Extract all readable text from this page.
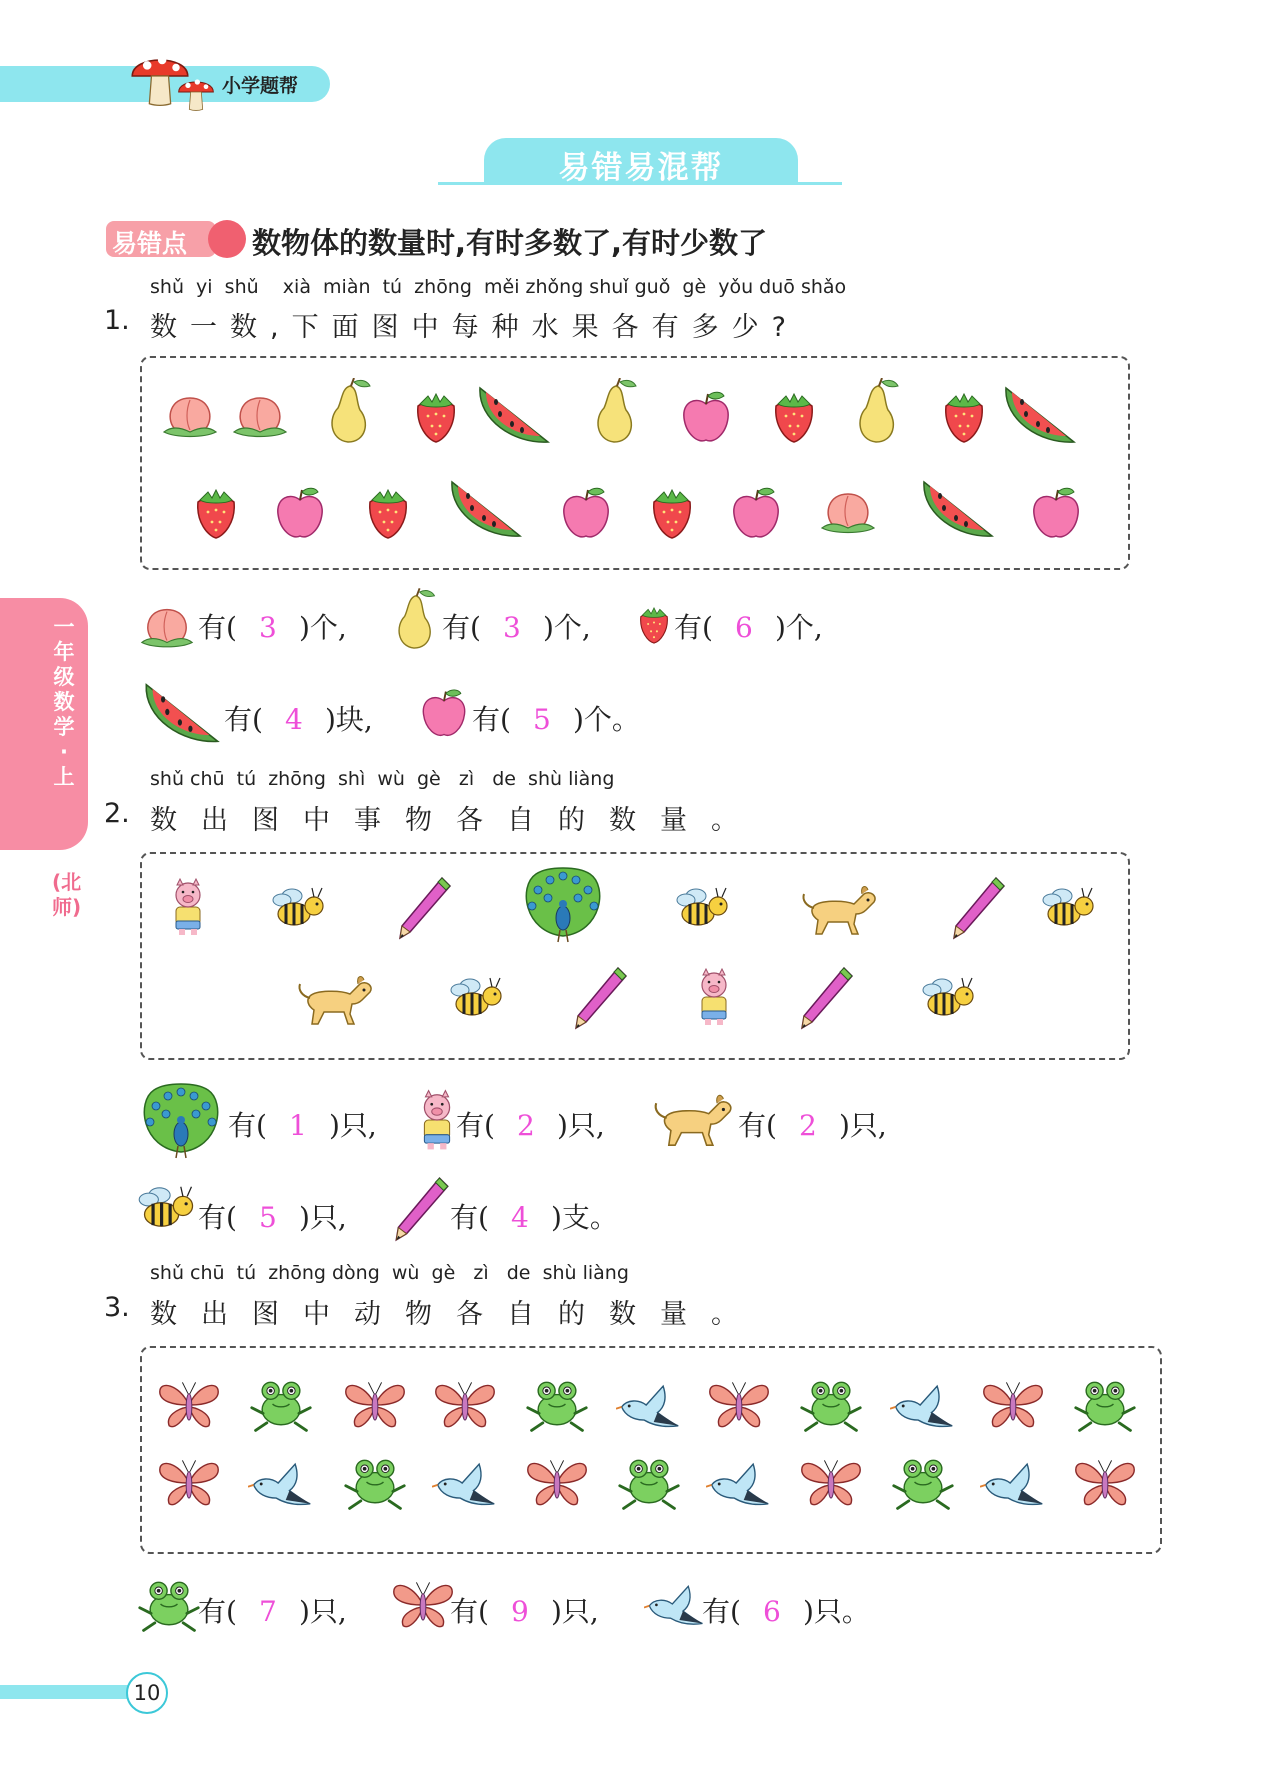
小学题帮
易错易混帮
易错点 数物体的数量时,有时多数了,有时少数了
一年级数学·上
(北师)
shǔ  yi  shǔ    xià  miàn  tú  zhōng  měi zhǒng shuǐ guǒ  gè  yǒu duō shǎo
1. 数一数,下面图中每种水果各有多少?
有( 3 )个,	有( 3 )个,	有( 6 )个,
有( 4 )块,	有( 5 )个。
shǔ chū  tú  zhōng  shì  wù  gè   zì   de  shù liàng
2. 数出图中事物各自的数量。
有( 1 )只,	有( 2 )只,	有( 2 )只,
有( 5 )只,	有( 4 )支。
shǔ chū  tú  zhōng dòng  wù  gè   zì   de  shù liàng
3. 数出图中动物各自的数量。
有( 7 )只,	有( 9 )只,	有( 6 )只。
10
